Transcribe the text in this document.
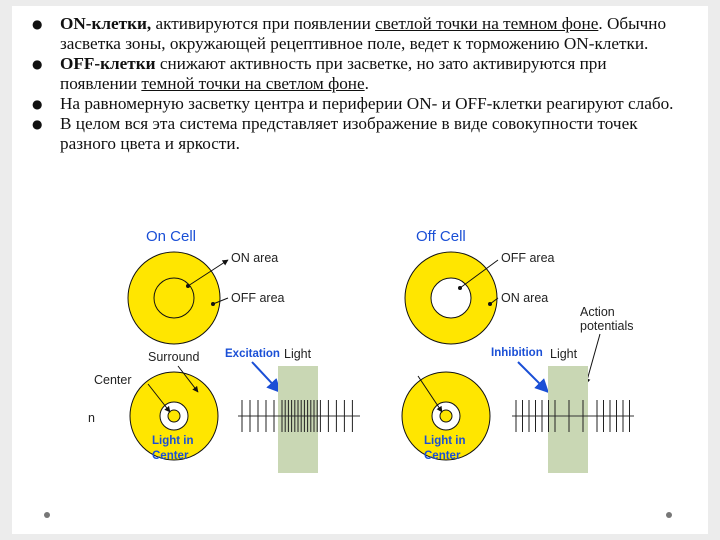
● ON-клетки, активируются при появлении светлой точки на темном фоне. Обычно засветка зоны, окружающей рецептивное поле, ведет к торможению ON-клетки.
● OFF-клетки снижают активность при засветке, но зато активируются при появлении темной точки на светлом фоне.
● На равномерную засветку центра и периферии ON- и OFF-клетки реагируют слабо.
● В целом вся эта система представляет изображение в виде совокупности точек разного цвета и яркости.
On Cell
ON area
OFF area
Off Cell
OFF area
ON area
Action
potentials
Surround
Center
n
Light in
Center
Excitation Light
Light in
Center
Inhibition Light
